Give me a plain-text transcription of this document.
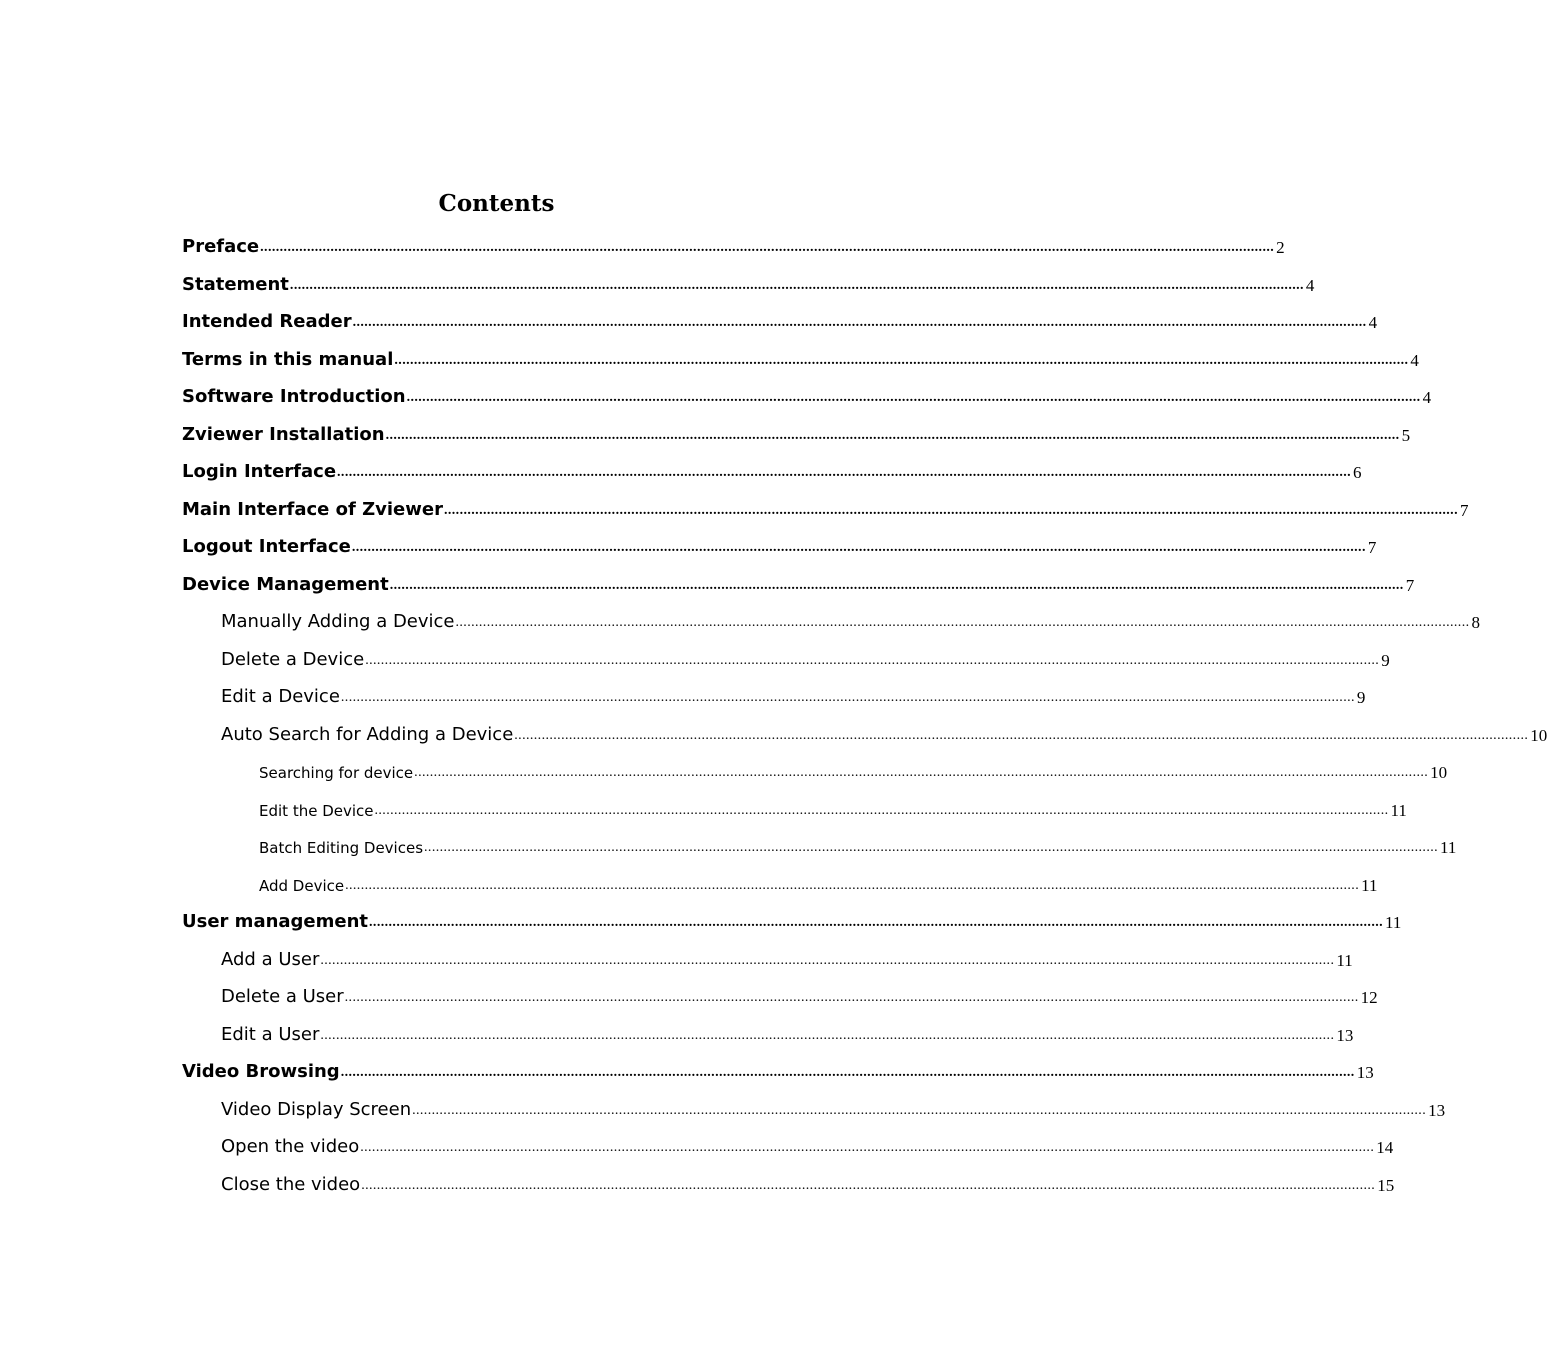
Contents
Preface .................................................................................................................................................................................................................................................................... 2
Statement .................................................................................................................................................................................................................................................................... 4
Intended Reader .................................................................................................................................................................................................................................................................... 4
Terms in this manual .................................................................................................................................................................................................................................................................... 4
Software Introduction .................................................................................................................................................................................................................................................................... 4
Zviewer Installation .................................................................................................................................................................................................................................................................... 5
Login Interface .................................................................................................................................................................................................................................................................... 6
Main Interface of Zviewer .................................................................................................................................................................................................................................................................... 7
Logout Interface .................................................................................................................................................................................................................................................................... 7
Device Management .................................................................................................................................................................................................................................................................... 7
Manually Adding a Device .................................................................................................................................................................................................................................................................... 8
Delete a Device .................................................................................................................................................................................................................................................................... 9
Edit a Device .................................................................................................................................................................................................................................................................... 9
Auto Search for Adding a Device .................................................................................................................................................................................................................................................................... 10
Searching for device .................................................................................................................................................................................................................................................................... 10
Edit the Device .................................................................................................................................................................................................................................................................... 11
Batch Editing Devices .................................................................................................................................................................................................................................................................... 11
Add Device .................................................................................................................................................................................................................................................................... 11
User management .................................................................................................................................................................................................................................................................... 11
Add a User .................................................................................................................................................................................................................................................................... 11
Delete a User .................................................................................................................................................................................................................................................................... 12
Edit a User .................................................................................................................................................................................................................................................................... 13
Video Browsing .................................................................................................................................................................................................................................................................... 13
Video Display Screen .................................................................................................................................................................................................................................................................... 13
Open the video .................................................................................................................................................................................................................................................................... 14
Close the video .................................................................................................................................................................................................................................................................... 15
